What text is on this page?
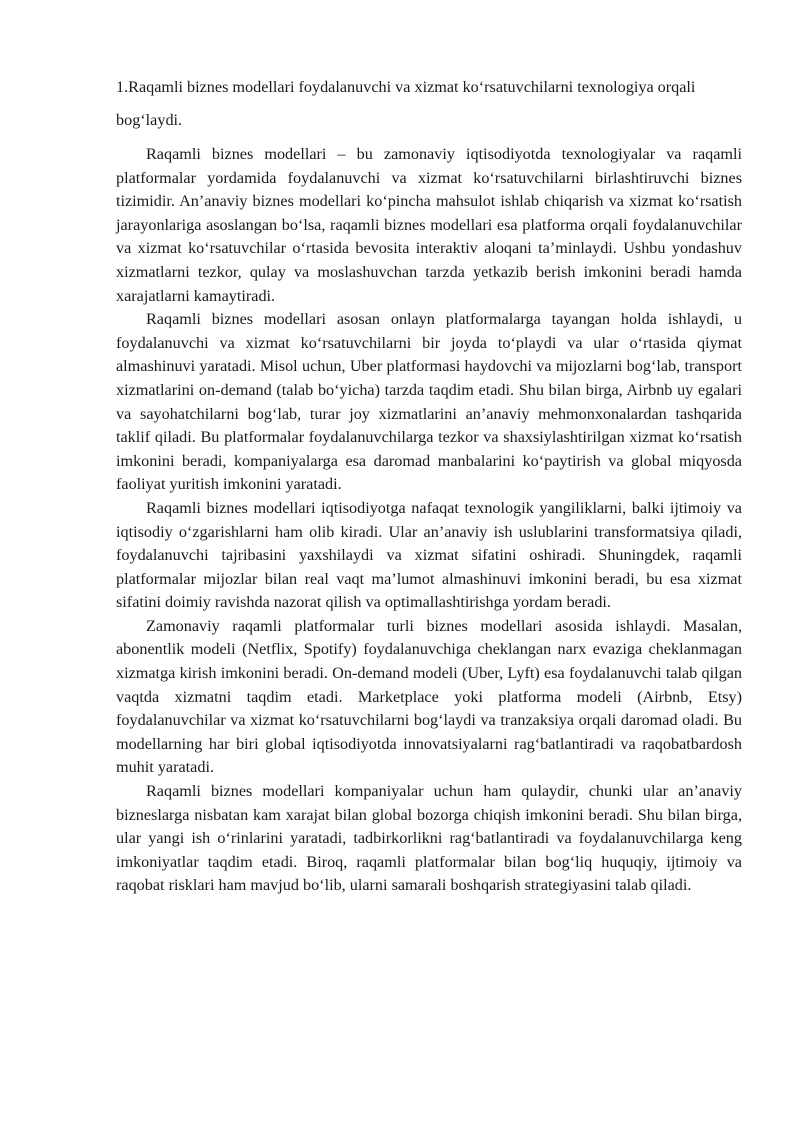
1.Raqamli biznes modellari foydalanuvchi va xizmat ko‘rsatuvchilarni texnologiya orqali bog‘laydi.

Raqamli biznes modellari – bu zamonaviy iqtisodiyotda texnologiyalar va raqamli platformalar yordamida foydalanuvchi va xizmat ko‘rsatuvchilarni birlashtiruvchi biznes tizimidir. An’anaviy biznes modellari ko‘pincha mahsulot ishlab chiqarish va xizmat ko‘rsatish jarayonlariga asoslangan bo‘lsa, raqamli biznes modellari esa platforma orqali foydalanuvchilar va xizmat ko‘rsatuvchilar o‘rtasida bevosita interaktiv aloqani ta’minlaydi. Ushbu yondashuv xizmatlarni tezkor, qulay va moslashuvchan tarzda yetkazib berish imkonini beradi hamda xarajatlarni kamaytiradi.

Raqamli biznes modellari asosan onlayn platformalarga tayangan holda ishlaydi, u foydalanuvchi va xizmat ko‘rsatuvchilarni bir joyda to‘playdi va ular o‘rtasida qiymat almashinuvi yaratadi. Misol uchun, Uber platformasi haydovchi va mijozlarni bog‘lab, transport xizmatlarini on-demand (talab bo‘yicha) tarzda taqdim etadi. Shu bilan birga, Airbnb uy egalari va sayohatchilarni bog‘lab, turar joy xizmatlarini an’anaviy mehmonxonalardan tashqarida taklif qiladi. Bu platformalar foydalanuvchilarga tezkor va shaxsiylashtirilgan xizmat ko‘rsatish imkonini beradi, kompaniyalarga esa daromad manbalarini ko‘paytirish va global miqyosda faoliyat yuritish imkonini yaratadi.

Raqamli biznes modellari iqtisodiyotga nafaqat texnologik yangiliklarni, balki ijtimoiy va iqtisodiy o‘zgarishlarni ham olib kiradi. Ular an’anaviy ish uslublarini transformatsiya qiladi, foydalanuvchi tajribasini yaxshilaydi va xizmat sifatini oshiradi. Shuningdek, raqamli platformalar mijozlar bilan real vaqt ma’lumot almashinuvi imkonini beradi, bu esa xizmat sifatini doimiy ravishda nazorat qilish va optimallashtirishga yordam beradi.

Zamonaviy raqamli platformalar turli biznes modellari asosida ishlaydi. Masalan, abonentlik modeli (Netflix, Spotify) foydalanuvchiga cheklangan narx evaziga cheklanmagan xizmatga kirish imkonini beradi. On-demand modeli (Uber, Lyft) esa foydalanuvchi talab qilgan vaqtda xizmatni taqdim etadi. Marketplace yoki platforma modeli (Airbnb, Etsy) foydalanuvchilar va xizmat ko‘rsatuvchilarni bog‘laydi va tranzaksiya orqali daromad oladi. Bu modellarning har biri global iqtisodiyotda innovatsiyalarni rag‘batlantiradi va raqobatbardosh muhit yaratadi.

Raqamli biznes modellari kompaniyalar uchun ham qulaydir, chunki ular an’anaviy bizneslarga nisbatan kam xarajat bilan global bozorga chiqish imkonini beradi. Shu bilan birga, ular yangi ish o‘rinlarini yaratadi, tadbirkorlikni rag‘batlantiradi va foydalanuvchilarga keng imkoniyatlar taqdim etadi. Biroq, raqamli platformalar bilan bog‘liq huquqiy, ijtimoiy va raqobat risklari ham mavjud bo‘lib, ularni samarali boshqarish strategiyasini talab qiladi.
